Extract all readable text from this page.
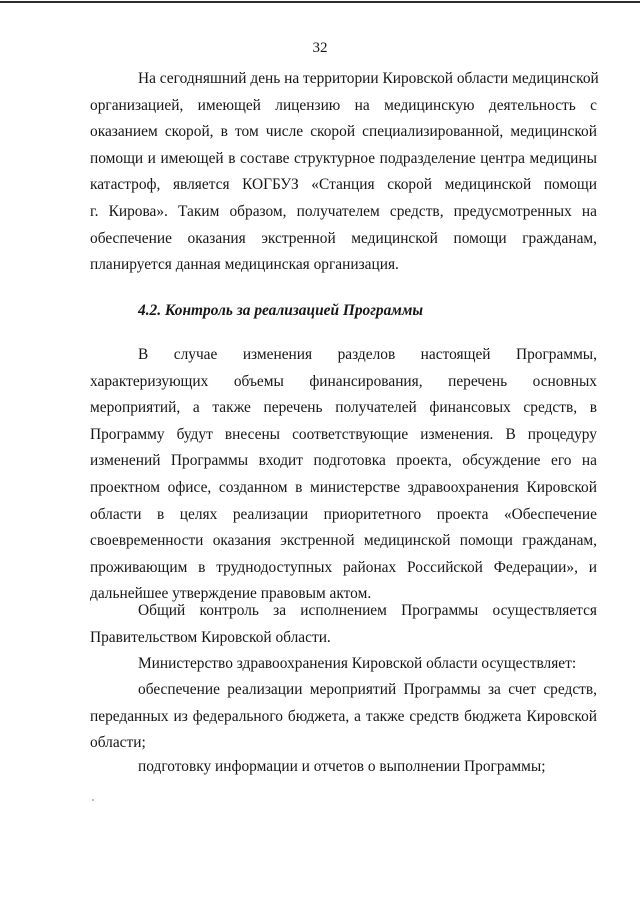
32
На сегодняшний день на территории Кировской области медицинской
организацией, имеющей лицензию на медицинскую деятельность с
оказанием скорой, в том числе скорой специализированной, медицинской
помощи и имеющей в составе структурное подразделение центра медицины
катастроф, является КОГБУЗ «Станция скорой медицинской помощи
г. Кирова». Таким образом, получателем средств, предусмотренных на
обеспечение оказания экстренной медицинской помощи гражданам,
планируется данная медицинская организация.
4.2. Контроль за реализацией Программы
В случае изменения разделов настоящей Программы,
характеризующих объемы финансирования, перечень основных
мероприятий, а также перечень получателей финансовых средств, в
Программу будут внесены соответствующие изменения. В процедуру
изменений Программы входит подготовка проекта, обсуждение его на
проектном офисе, созданном в министерстве здравоохранения Кировской
области в целях реализации приоритетного проекта «Обеспечение
своевременности оказания экстренной медицинской помощи гражданам,
проживающим в труднодоступных районах Российской Федерации», и
дальнейшее утверждение правовым актом.
Общий контроль за исполнением Программы осуществляется
Правительством Кировской области.
Министерство здравоохранения Кировской области осуществляет:
обеспечение реализации мероприятий Программы за счет средств,
переданных из федерального бюджета, а также средств бюджета Кировской
области;
подготовку информации и отчетов о выполнении Программы;
